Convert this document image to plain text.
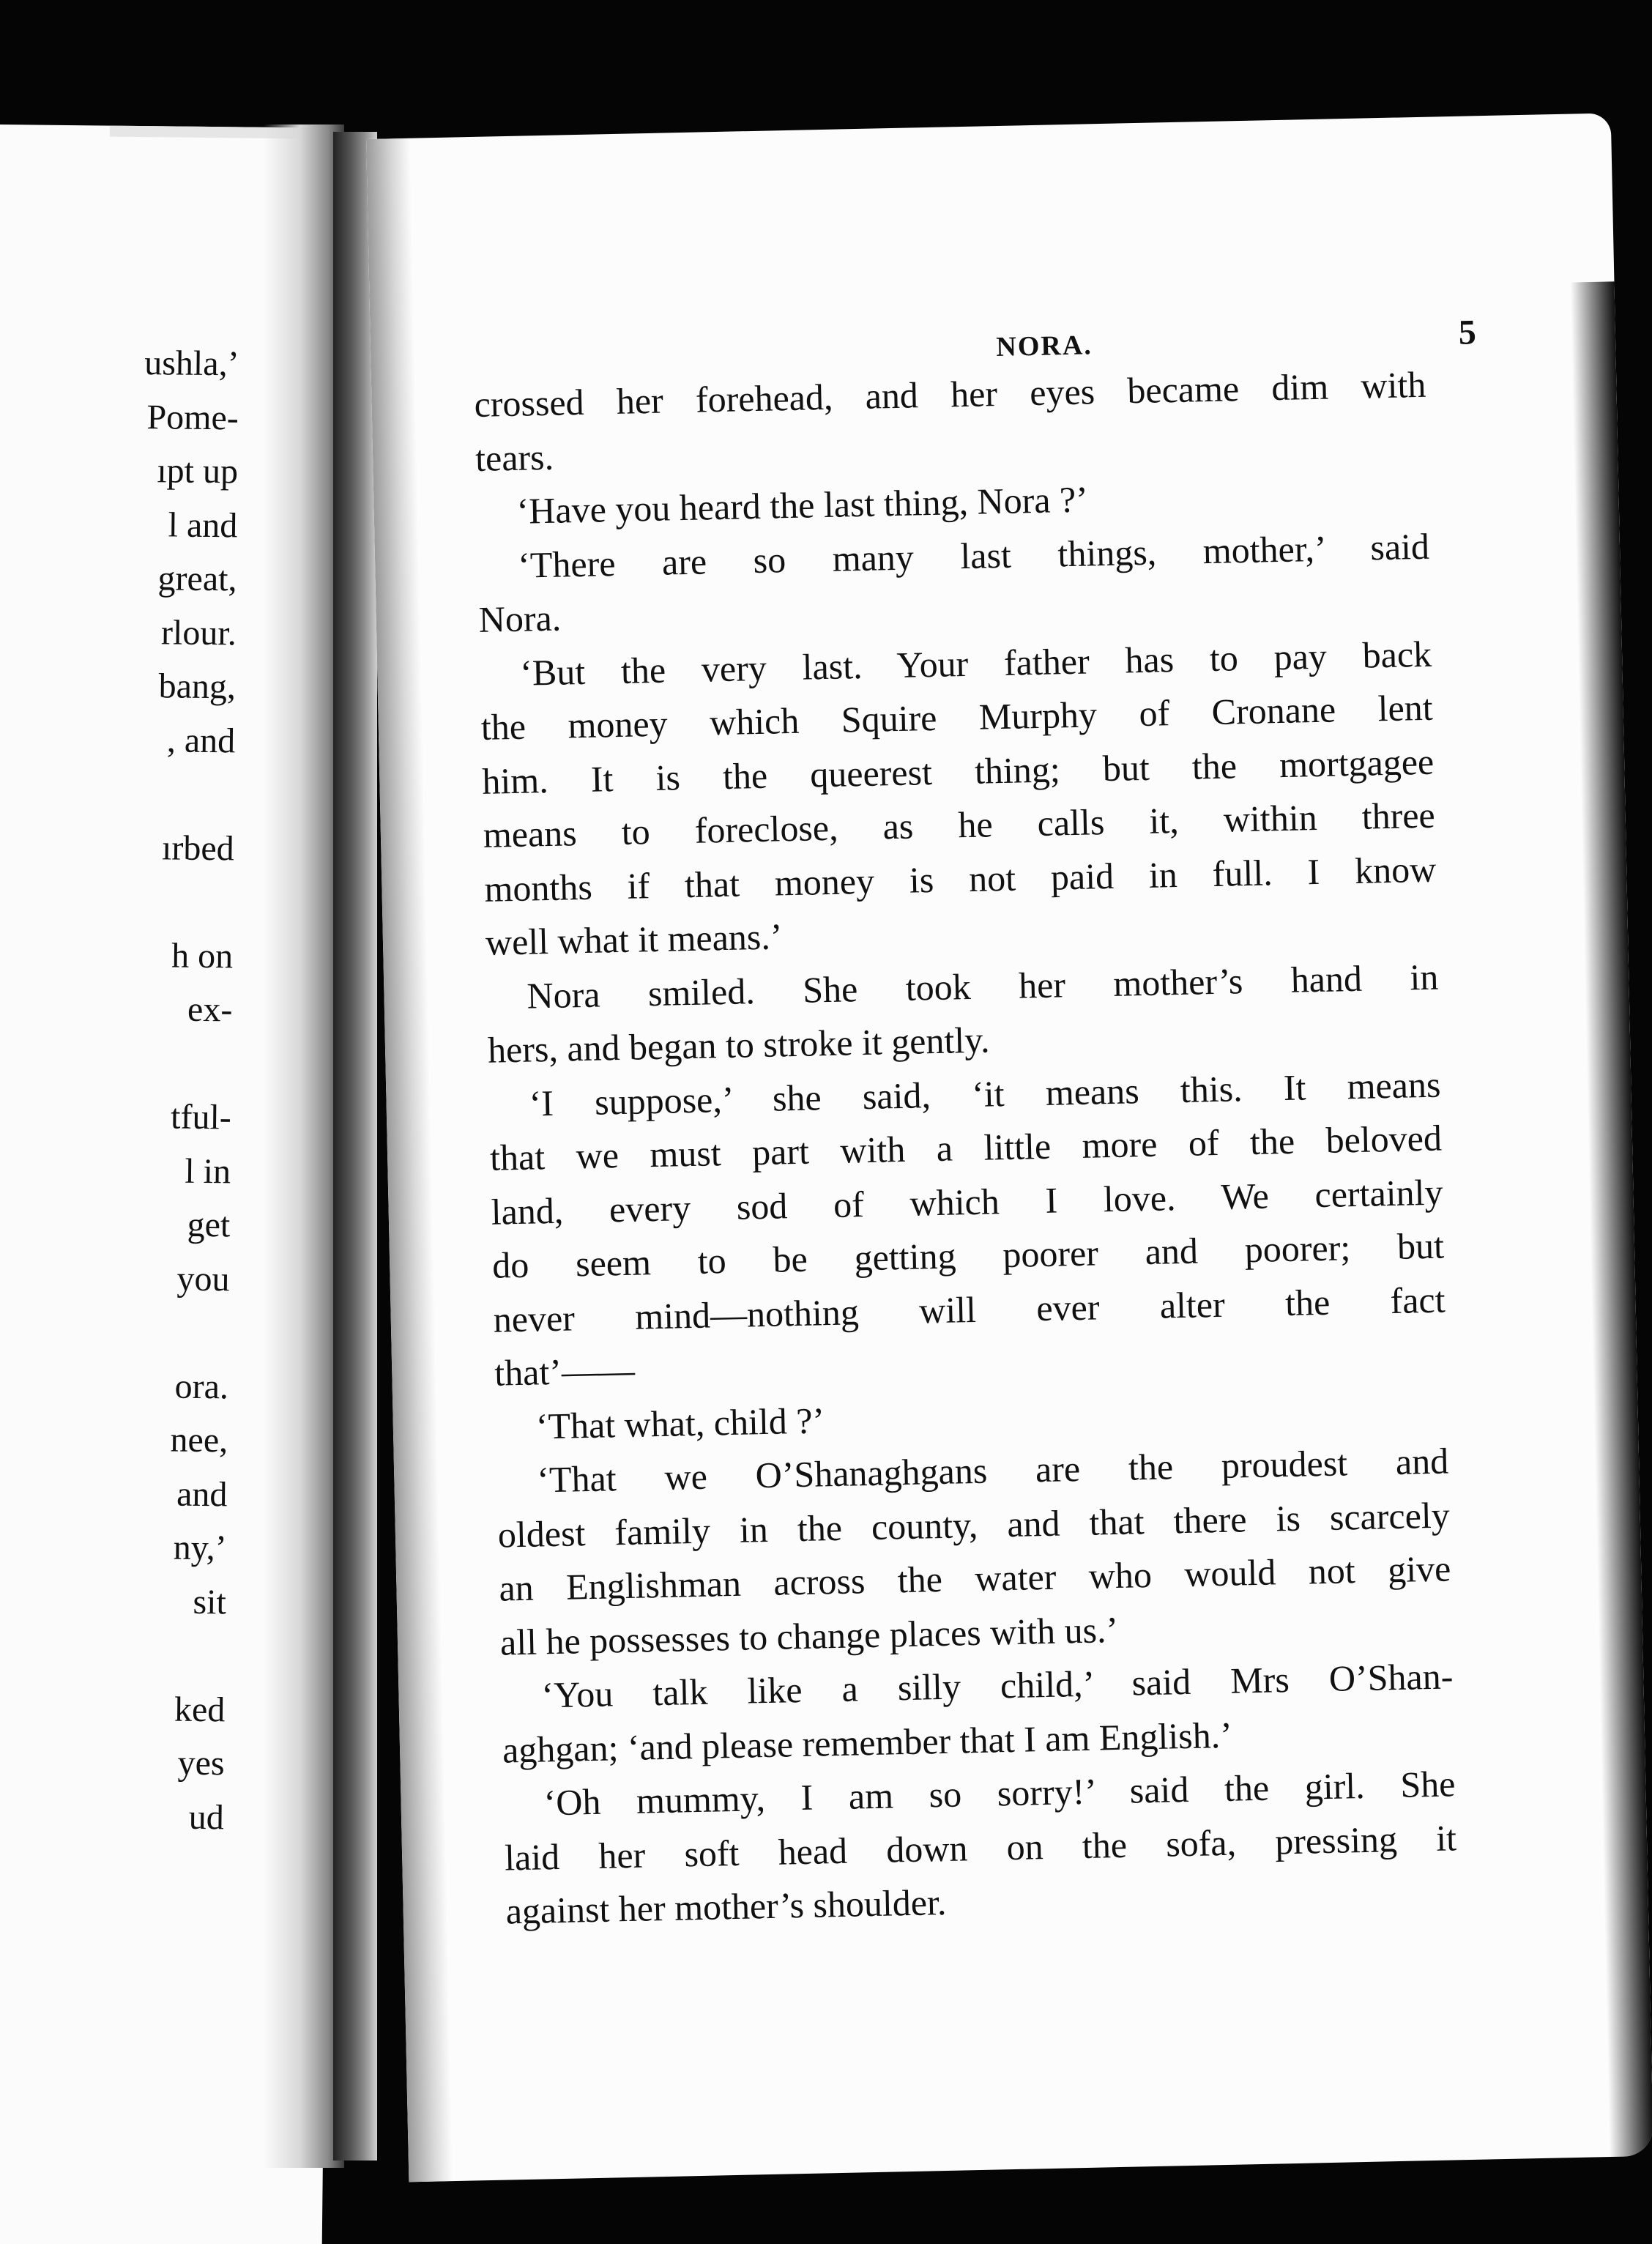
ushla,’
Pome-
ıpt up
l and
great,
rlour.
bang,
, and
ırbed
h on
ex-
tful-
l in
get
you
ora.
nee,
and
ny,’
sit
ked
yes
ud
NORA.	5
crossed her forehead, and her eyes became dim with
tears.
‘Have you heard the last thing, Nora ?’
‘There are so many last things, mother,’ said
Nora.
‘But the very last. Your father has to pay back
the money which Squire Murphy of Cronane lent
him. It is the queerest thing; but the mortgagee
means to foreclose, as he calls it, within three
months if that money is not paid in full. I know
well what it means.’
Nora smiled. She took her mother’s hand in
hers, and began to stroke it gently.
‘I suppose,’ she said, ‘it means this. It means
that we must part with a little more of the beloved
land, every sod of which I love. We certainly
do seem to be getting poorer and poorer; but
never mind—nothing will ever alter the fact
that’——
‘That what, child ?’
‘That we O’Shanaghgans are the proudest and
oldest family in the county, and that there is scarcely
an Englishman across the water who would not give
all he possesses to change places with us.’
‘You talk like a silly child,’ said Mrs O’Shan-
aghgan; ‘and please remember that I am English.’
‘Oh mummy, I am so sorry!’ said the girl. She
laid her soft head down on the sofa, pressing it
against her mother’s shoulder.
